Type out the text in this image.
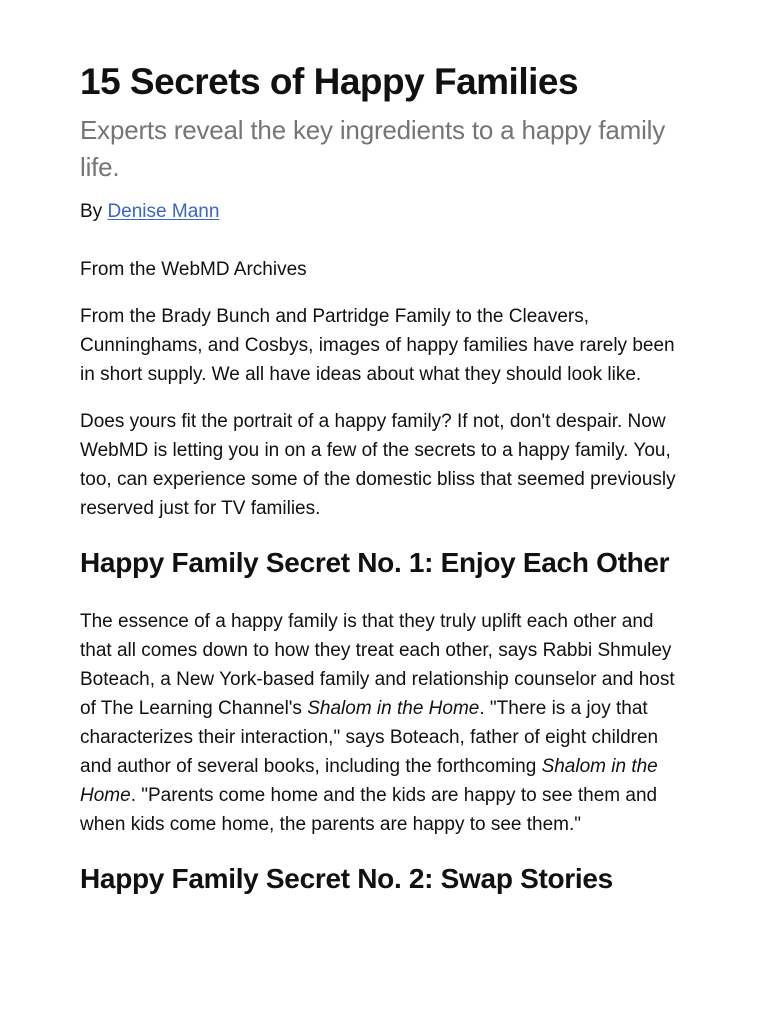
15 Secrets of Happy Families
Experts reveal the key ingredients to a happy family life.
By Denise Mann
From the WebMD Archives

From the Brady Bunch and Partridge Family to the Cleavers, Cunninghams, and Cosbys, images of happy families have rarely been in short supply. We all have ideas about what they should look like.

Does yours fit the portrait of a happy family? If not, don't despair. Now WebMD is letting you in on a few of the secrets to a happy family. You, too, can experience some of the domestic bliss that seemed previously reserved just for TV families.

Happy Family Secret No. 1: Enjoy Each Other

The essence of a happy family is that they truly uplift each other and that all comes down to how they treat each other, says Rabbi Shmuley Boteach, a New York-based family and relationship counselor and host of The Learning Channel's Shalom in the Home. "There is a joy that characterizes their interaction," says Boteach, father of eight children and author of several books, including the forthcoming Shalom in the Home. "Parents come home and the kids are happy to see them and when kids come home, the parents are happy to see them."

Happy Family Secret No. 2: Swap Stories
